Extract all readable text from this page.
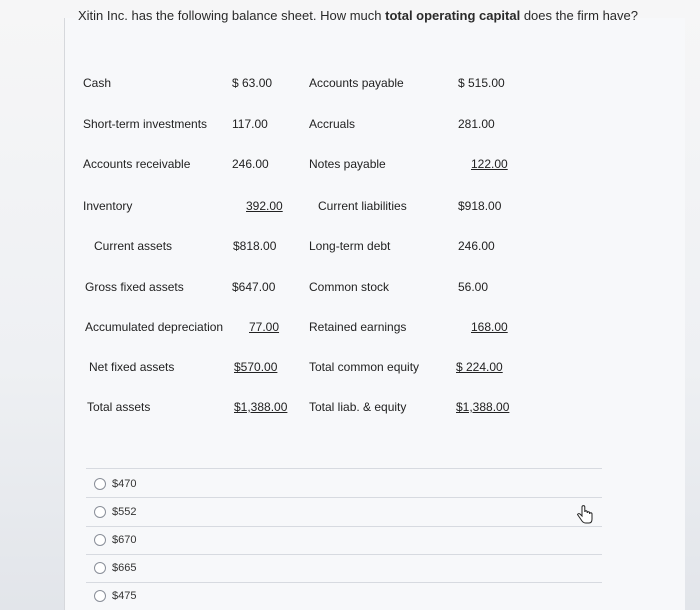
Xitin Inc. has the following balance sheet. How much total operating capital does the firm have?
Cash
Short-term investments
Accounts receivable
Inventory
Current assets
Gross fixed assets
Accumulated depreciation
Net fixed assets
Total assets
$ 63.00
117.00
246.00
392.00
$818.00
$647.00
77.00
$570.00
$1,388.00
Accounts payable
Accruals
Notes payable
Current liabilities
Long-term debt
Common stock
Retained earnings
Total common equity
Total liab. & equity
$ 515.00
281.00
122.00
$918.00
246.00
56.00
168.00
$ 224.00
$1,388.00
$470
$552
$670
$665
$475
